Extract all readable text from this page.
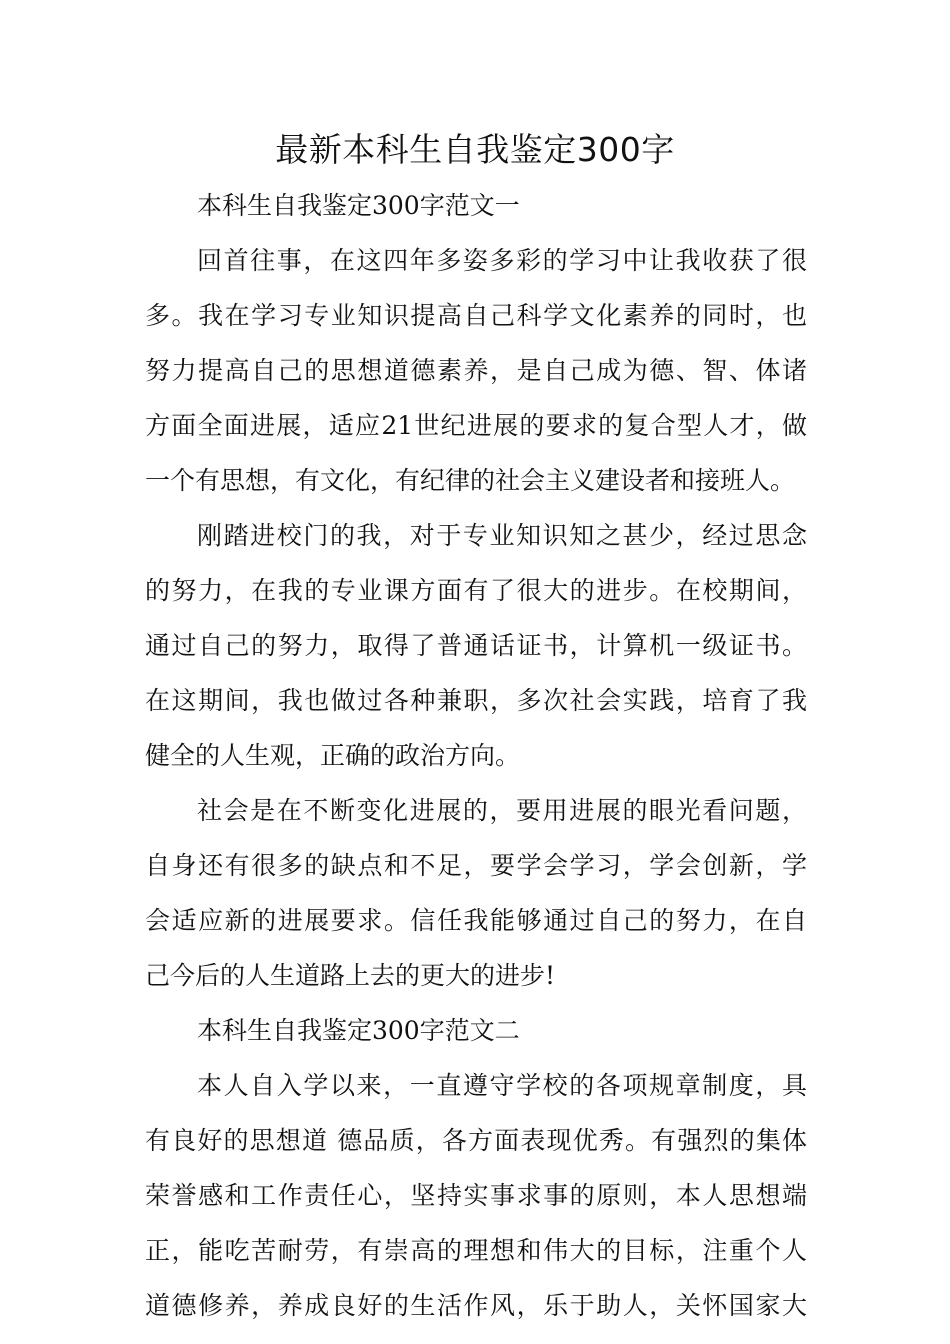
最新本科生自我鉴定300字
本科生自我鉴定300字范文一
回首往事，在这四年多姿多彩的学习中让我收获了很
多。我在学习专业知识提高自己科学文化素养的同时，也
努力提高自己的思想道德素养，是自己成为德、智、体诸
方面全面进展，适应21世纪进展的要求的复合型人才，做
一个有思想，有文化，有纪律的社会主义建设者和接班人。
刚踏进校门的我，对于专业知识知之甚少，经过思念
的努力，在我的专业课方面有了很大的进步。在校期间，
通过自己的努力，取得了普通话证书，计算机一级证书。
在这期间，我也做过各种兼职，多次社会实践，培育了我
健全的人生观，正确的政治方向。
社会是在不断变化进展的，要用进展的眼光看问题，
自身还有很多的缺点和不足，要学会学习，学会创新，学
会适应新的进展要求。信任我能够通过自己的努力，在自
己今后的人生道路上去的更大的进步!
本科生自我鉴定300字范文二
本人自入学以来，一直遵守学校的各项规章制度，具
有良好的思想道 德品质，各方面表现优秀。有强烈的集体
荣誉感和工作责任心，坚持实事求事的原则，本人思想端
正，能吃苦耐劳，有崇高的理想和伟大的目标，注重个人
道德修养，养成良好的生活作风，乐于助人，关怀国家大
